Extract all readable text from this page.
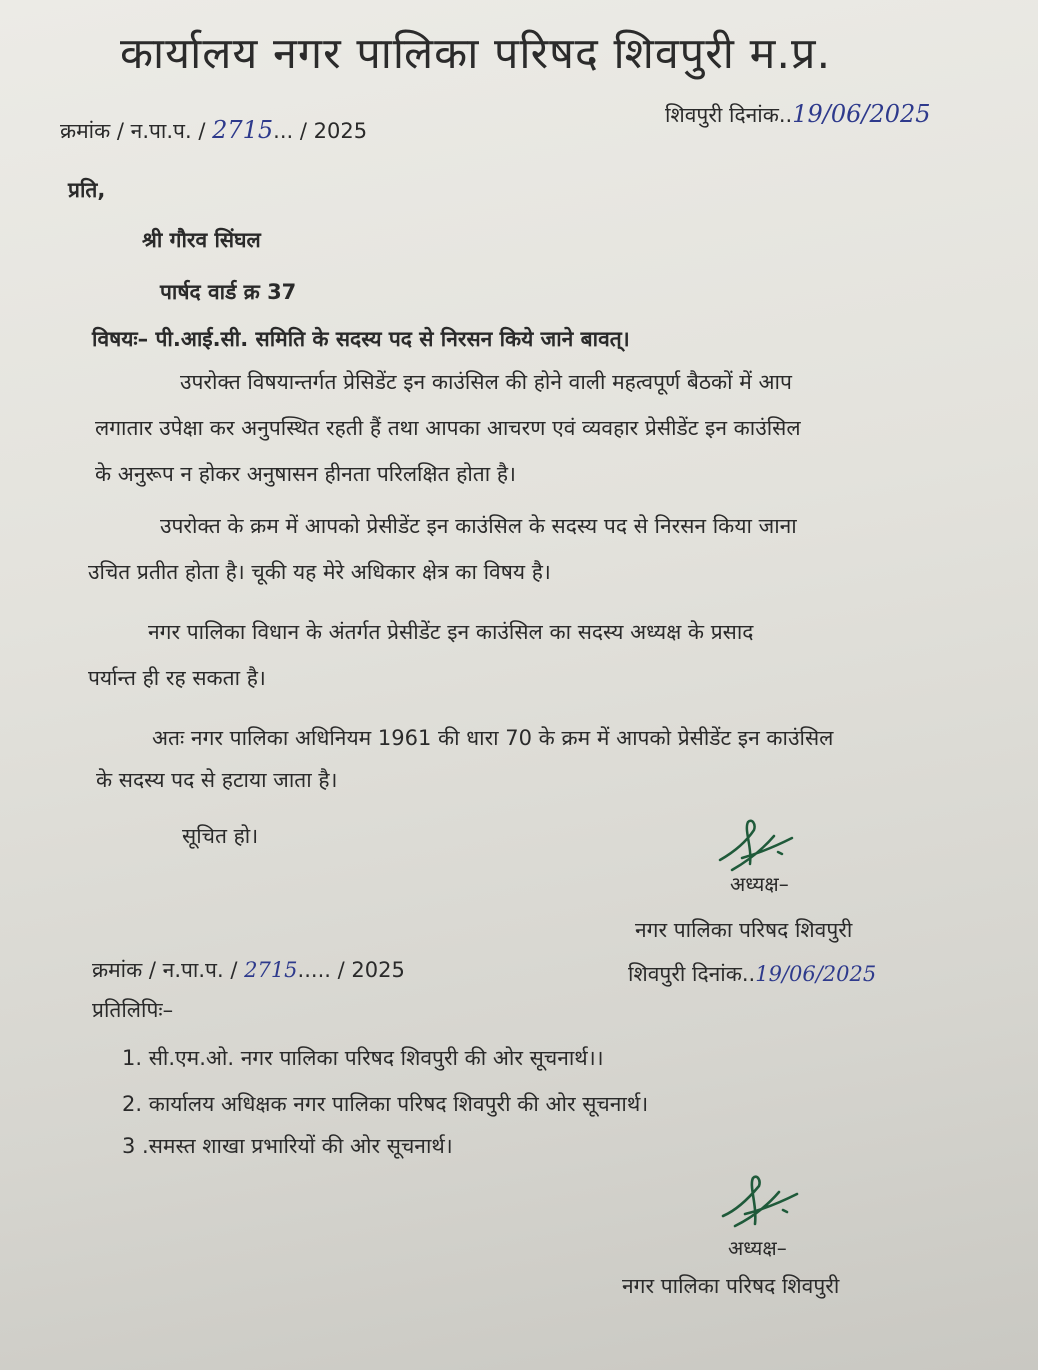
कार्यालय नगर पालिका परिषद शिवपुरी म.प्र.
क्रमांक / न.पा.प. / 2715... / 2025
शिवपुरी दिनांक..19/06/2025
प्रति,
श्री गौरव सिंघल
पार्षद वार्ड क्र 37
विषयः– पी.आई.सी. समिति के सदस्य पद से निरसन किये जाने बावत्।
उपरोक्त विषयान्तर्गत प्रेसिडेंट इन काउंसिल की होने वाली महत्वपूर्ण बैठकों में आप
लगातार उपेक्षा कर अनुपस्थित रहती हैं तथा आपका आचरण एवं व्यवहार प्रेसीडेंट इन काउंसिल
के अनुरूप न होकर अनुषासन हीनता परिलक्षित होता है।
उपरोक्त के क्रम में आपको प्रेसीडेंट इन काउंसिल के सदस्य पद से निरसन किया जाना
उचित प्रतीत होता है। चूकी यह मेरे अधिकार क्षेत्र का विषय है।
नगर पालिका विधान के अंतर्गत प्रेसीडेंट इन काउंसिल का सदस्य अध्यक्ष के प्रसाद
पर्यान्त ही रह सकता है।
अतः नगर पालिका अधिनियम 1961 की धारा 70 के क्रम में आपको प्रेसीडेंट इन काउंसिल
के सदस्य पद से हटाया जाता है।
सूचित हो।
अध्यक्ष–
नगर पालिका परिषद शिवपुरी
क्रमांक / न.पा.प. / 2715..... / 2025	शिवपुरी दिनांक..19/06/2025
प्रतिलिपिः–
1. सी.एम.ओ. नगर पालिका परिषद शिवपुरी की ओर सूचनार्थ।।
2. कार्यालय अधिक्षक नगर पालिका परिषद शिवपुरी की ओर सूचनार्थ।
3 .समस्त शाखा प्रभारियों की ओर सूचनार्थ।
अध्यक्ष–
नगर पालिका परिषद शिवपुरी
